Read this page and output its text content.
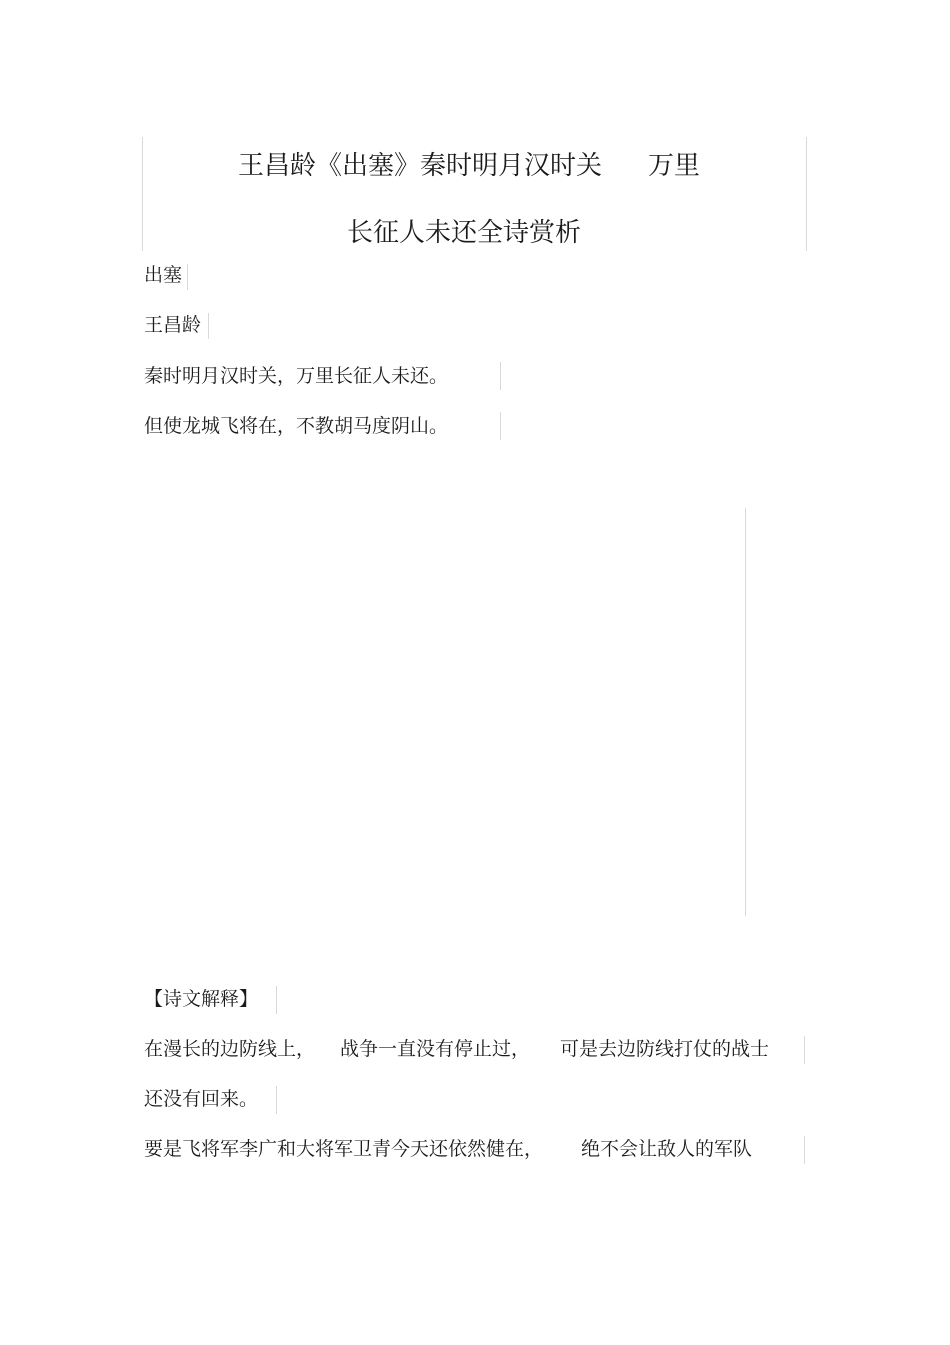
王昌龄《出塞》秦时明月汉时关 万里
长征人未还全诗赏析
出塞
王昌龄
秦时明月汉时关，万里长征人未还。
但使龙城飞将在，不教胡马度阴山。
【诗文解释】
在漫长的边防线上， 战争一直没有停止过， 可是去边防线打仗的战士
还没有回来。
要是飞将军李广和大将军卫青今天还依然健在， 绝不会让敌人的军队
